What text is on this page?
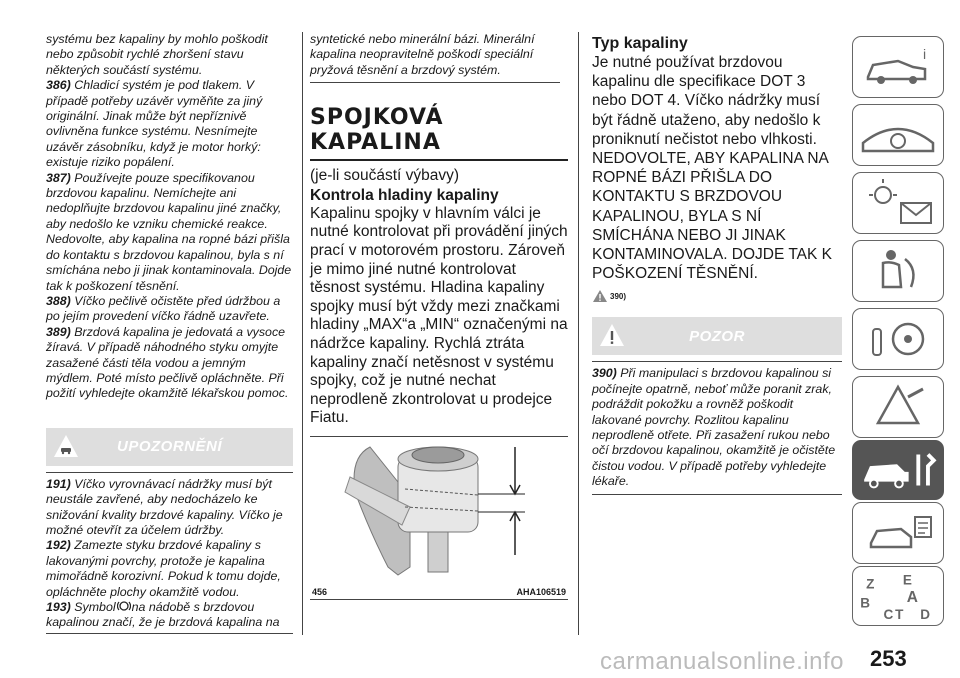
systému bez kapaliny by mohlo poškodit nebo způsobit rychlé zhoršení stavu některých součástí systému.

386) Chladicí systém je pod tlakem. V případě potřeby uzávěr vyměňte za jiný originální. Jinak může být nepříznivě ovlivněna funkce systému. Nesnímejte uzávěr zásobníku, když je motor horký: existuje riziko popálení.

387) Používejte pouze specifikovanou brzdovou kapalinu. Nemíchejte ani nedoplňujte brzdovou kapalinu jiné značky, aby nedošlo ke vzniku chemické reakce. Nedovolte, aby kapalina na ropné bázi přišla do kontaktu s brzdovou kapalinou, byla s ní smíchána nebo ji jinak kontaminovala. Dojde tak k poškození těsnění.

388) Víčko pečlivě očistěte před údržbou a po jejím provedení víčko řádně uzavřete.

389) Brzdová kapalina je jedovatá a vysoce žíravá. V případě náhodného styku omyjte zasažené části těla vodou a jemným mýdlem. Poté místo pečlivě opláchněte. Při požití vyhledejte okamžitě lékařskou pomoc.

UPOZORNĚNÍ

191) Víčko vyrovnávací nádržky musí být neustále zavřené, aby nedocházelo ke snižování kvality brzdové kapaliny. Víčko je možné otevřít za účelem údržby.

192) Zamezte styku brzdové kapaliny s lakovanými povrchy, protože je kapalina mimořádně korozivní. Pokud k tomu dojde, opláchněte plochy okamžitě vodou.

193) Symbol na nádobě s brzdovou kapalinou značí, že je brzdová kapalina na

syntetické nebo minerální bázi. Minerální kapalina neopravitelně poškodí speciální pryžová těsnění a brzdový systém.

SPOJKOVÁ KAPALINA

(je-li součástí výbavy)

Kontrola hladiny kapaliny

Kapalinu spojky v hlavním válci je nutné kontrolovat při provádění jiných prací v motorovém prostoru. Zároveň je mimo jiné nutné kontrolovat těsnost systému. Hladina kapaliny spojky musí být vždy mezi značkami hladiny „MAX“a „MIN“ označenými na nádržce kapaliny. Rychlá ztráta kapaliny značí netěsnost v systému spojky, což je nutné nechat neprodleně zkontrolovat u prodejce Fiatu.

456	AHA106519

Typ kapaliny

Je nutné používat brzdovou kapalinu dle specifikace DOT 3 nebo DOT 4. Víčko nádržky musí být řádně utaženo, aby nedošlo k proniknutí nečistot nebo vlhkosti. NEDOVOLTE, ABY KAPALINA NA ROPNÉ BÁZI PŘIŠLA DO KONTAKTU S BRZDOVOU KAPALINOU, BYLA S NÍ SMÍCHÁNA NEBO JI JINAK KONTAMINOVALA. DOJDE TAK K POŠKOZENÍ TĚSNĚNÍ.

390)
POZOR

390) Při manipulaci s brzdovou kapalinou si počínejte opatrně, neboť může poranit zrak, podráždit pokožku a rovněž poškodit lakované povrchy. Rozlitou kapalinu neprodleně otřete. Při zasažení rukou nebo očí brzdovou kapalinou, okamžitě je očistěte čistou vodou. V případě potřeby vyhledejte lékaře.

i
Z E
B A
C T D
carmanualsonline.info 253
